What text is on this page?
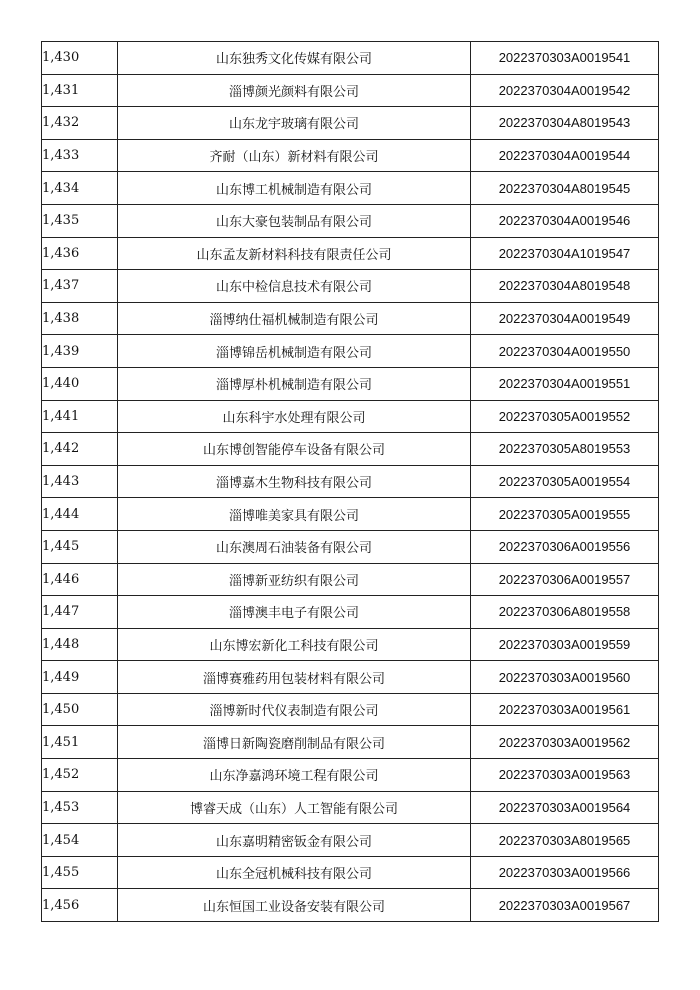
1,430	山东独秀文化传媒有限公司	2022370303A0019541
1,431	淄博颜光颜料有限公司	2022370304A0019542
1,432	山东龙宇玻璃有限公司	2022370304A8019543
1,433	齐耐（山东）新材料有限公司	2022370304A0019544
1,434	山东博工机械制造有限公司	2022370304A8019545
1,435	山东大豪包装制品有限公司	2022370304A0019546
1,436	山东孟友新材料科技有限责任公司	2022370304A1019547
1,437	山东中检信息技术有限公司	2022370304A8019548
1,438	淄博纳仕福机械制造有限公司	2022370304A0019549
1,439	淄博锦岳机械制造有限公司	2022370304A0019550
1,440	淄博厚朴机械制造有限公司	2022370304A0019551
1,441	山东科宇水处理有限公司	2022370305A0019552
1,442	山东博创智能停车设备有限公司	2022370305A8019553
1,443	淄博嘉木生物科技有限公司	2022370305A0019554
1,444	淄博唯美家具有限公司	2022370305A0019555
1,445	山东澳周石油装备有限公司	2022370306A0019556
1,446	淄博新亚纺织有限公司	2022370306A0019557
1,447	淄博澳丰电子有限公司	2022370306A8019558
1,448	山东博宏新化工科技有限公司	2022370303A0019559
1,449	淄博赛雅药用包装材料有限公司	2022370303A0019560
1,450	淄博新时代仪表制造有限公司	2022370303A0019561
1,451	淄博日新陶瓷磨削制品有限公司	2022370303A0019562
1,452	山东净嘉鸿环境工程有限公司	2022370303A0019563
1,453	博睿天成（山东）人工智能有限公司	2022370303A0019564
1,454	山东嘉明精密钣金有限公司	2022370303A8019565
1,455	山东全冠机械科技有限公司	2022370303A0019566
1,456	山东恒国工业设备安装有限公司	2022370303A0019567
